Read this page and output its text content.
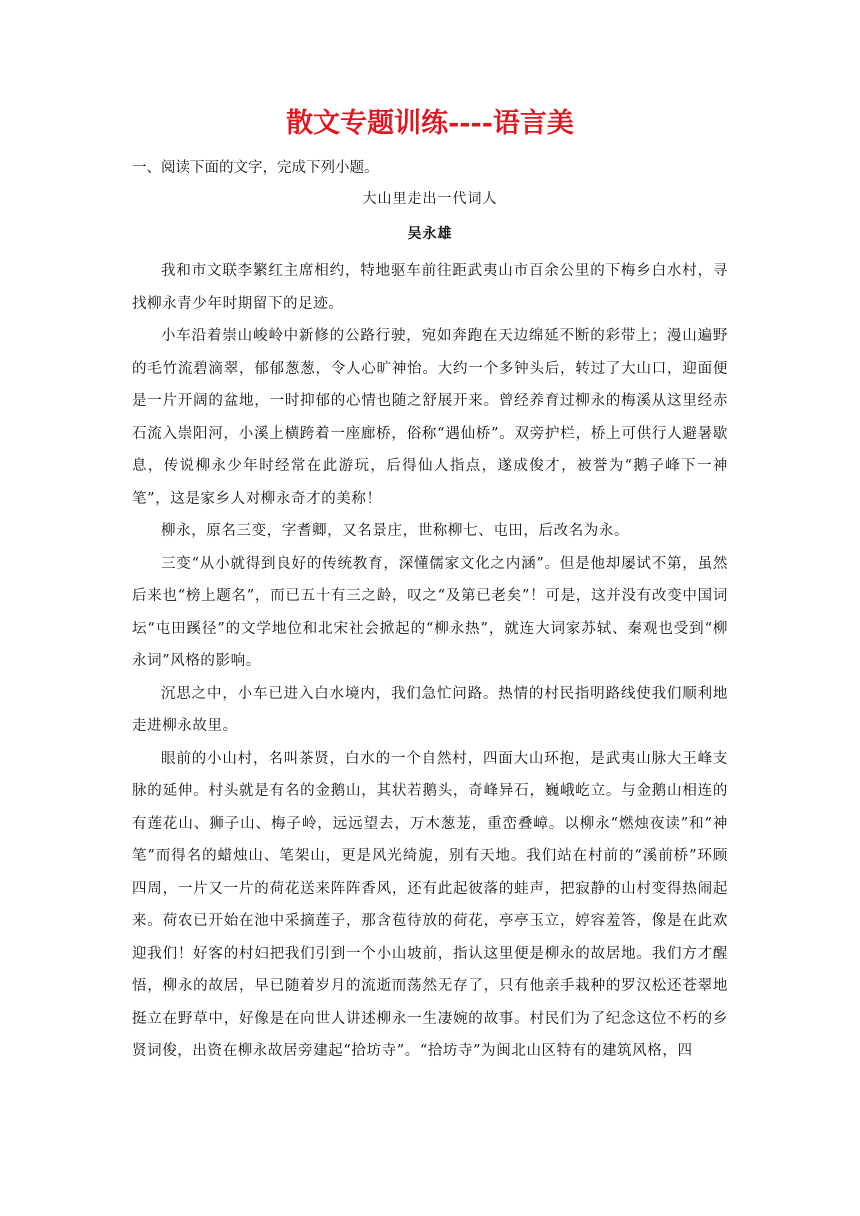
散文专题训练----语言美
一、阅读下面的文字，完成下列小题。
大山里走出一代词人
吴永雄

我和市文联李繁红主席相约，特地驱车前往距武夷山市百余公里的下梅乡白水村，寻找柳永青少年时期留下的足迹。

小车沿着崇山峻岭中新修的公路行驶，宛如奔跑在天边绵延不断的彩带上；漫山遍野的毛竹流碧滴翠，郁郁葱葱，令人心旷神怡。大约一个多钟头后，转过了大山口，迎面便是一片开阔的盆地，一时抑郁的心情也随之舒展开来。曾经养育过柳永的梅溪从这里经赤石流入崇阳河，小溪上横跨着一座廊桥，俗称“遇仙桥”。双旁护栏，桥上可供行人避暑歇息，传说柳永少年时经常在此游玩，后得仙人指点，遂成俊才，被誉为“鹅子峰下一神笔”，这是家乡人对柳永奇才的美称！

柳永，原名三变，字耆卿，又名景庄，世称柳七、屯田，后改名为永。

三变“从小就得到良好的传统教育，深懂儒家文化之内涵”。但是他却屡试不第，虽然后来也“榜上题名”，而已五十有三之龄，叹之“及第已老矣”！可是，这并没有改变中国词坛“屯田蹊径”的文学地位和北宋社会掀起的“柳永热”，就连大词家苏轼、秦观也受到“柳永词”风格的影响。

沉思之中，小车已进入白水境内，我们急忙问路。热情的村民指明路线使我们顺利地走进柳永故里。

眼前的小山村，名叫茶贤，白水的一个自然村，四面大山环抱，是武夷山脉大王峰支脉的延伸。村头就是有名的金鹅山，其状若鹅头，奇峰异石，巍峨屹立。与金鹅山相连的有莲花山、狮子山、梅子岭，远远望去，万木葱茏，重峦叠嶂。以柳永“燃烛夜读”和“神笔”而得名的蜡烛山、笔架山，更是风光绮旎，别有天地。我们站在村前的“溪前桥”环顾四周，一片又一片的荷花送来阵阵香风，还有此起彼落的蛙声，把寂静的山村变得热闹起来。荷农已开始在池中采摘莲子，那含苞待放的荷花，亭亭玉立，婷容羞答，像是在此欢迎我们！好客的村妇把我们引到一个小山坡前，指认这里便是柳永的故居地。我们方才醒悟，柳永的故居，早已随着岁月的流逝而荡然无存了，只有他亲手栽种的罗汉松还苍翠地挺立在野草中，好像是在向世人讲述柳永一生凄婉的故事。村民们为了纪念这位不朽的乡贤词俊，出资在柳永故居旁建起“拾坊寺”。“拾坊寺”为闽北山区特有的建筑风格，四
